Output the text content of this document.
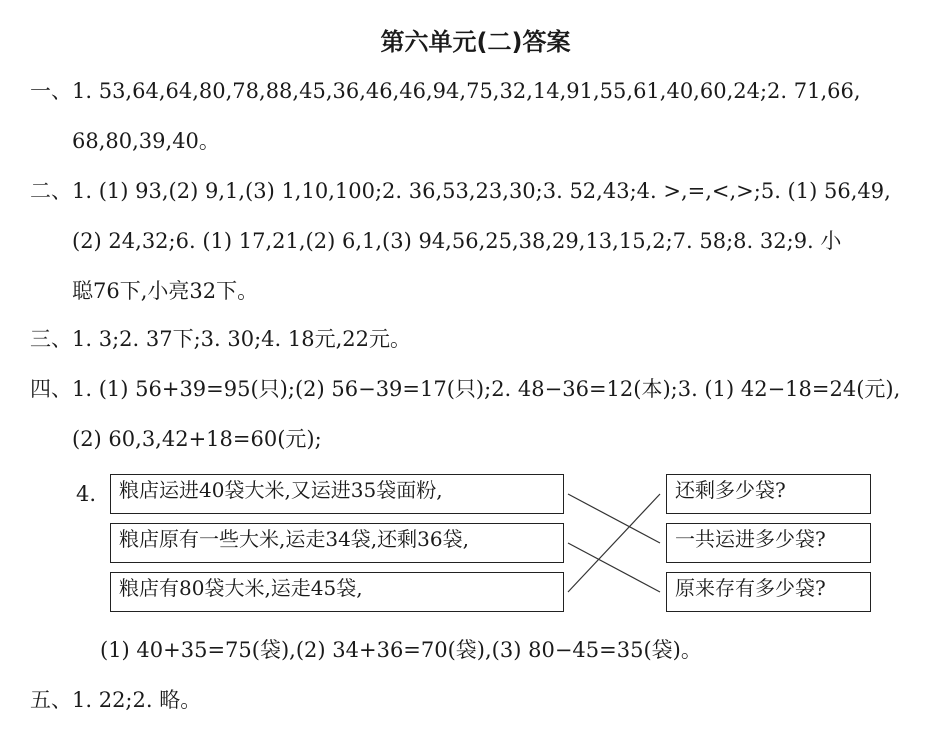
第六单元(二)答案
一、1. 53,64,64,80,78,88,45,36,46,46,94,75,32,14,91,55,61,40,60,24;2. 71,66,
68,80,39,40。
二、1. (1) 93,(2) 9,1,(3) 1,10,100;2. 36,53,23,30;3. 52,43;4. >,=,<,>;5. (1) 56,49,
(2) 24,32;6. (1) 17,21,(2) 6,1,(3) 94,56,25,38,29,13,15,2;7. 58;8. 32;9. 小
聪76下,小亮32下。
三、1. 3;2. 37下;3. 30;4. 18元,22元。
四、1. (1) 56+39=95(只);(2) 56−39=17(只);2. 48−36=12(本);3. (1) 42−18=24(元),
(2) 60,3,42+18=60(元);
4.	粮店运进40袋大米,又运进35袋面粉,
粮店原有一些大米,运走34袋,还剩36袋,
粮店有80袋大米,运走45袋,
还剩多少袋?
一共运进多少袋?
原来存有多少袋?
(1) 40+35=75(袋),(2) 34+36=70(袋),(3) 80−45=35(袋)。
五、1. 22;2. 略。
